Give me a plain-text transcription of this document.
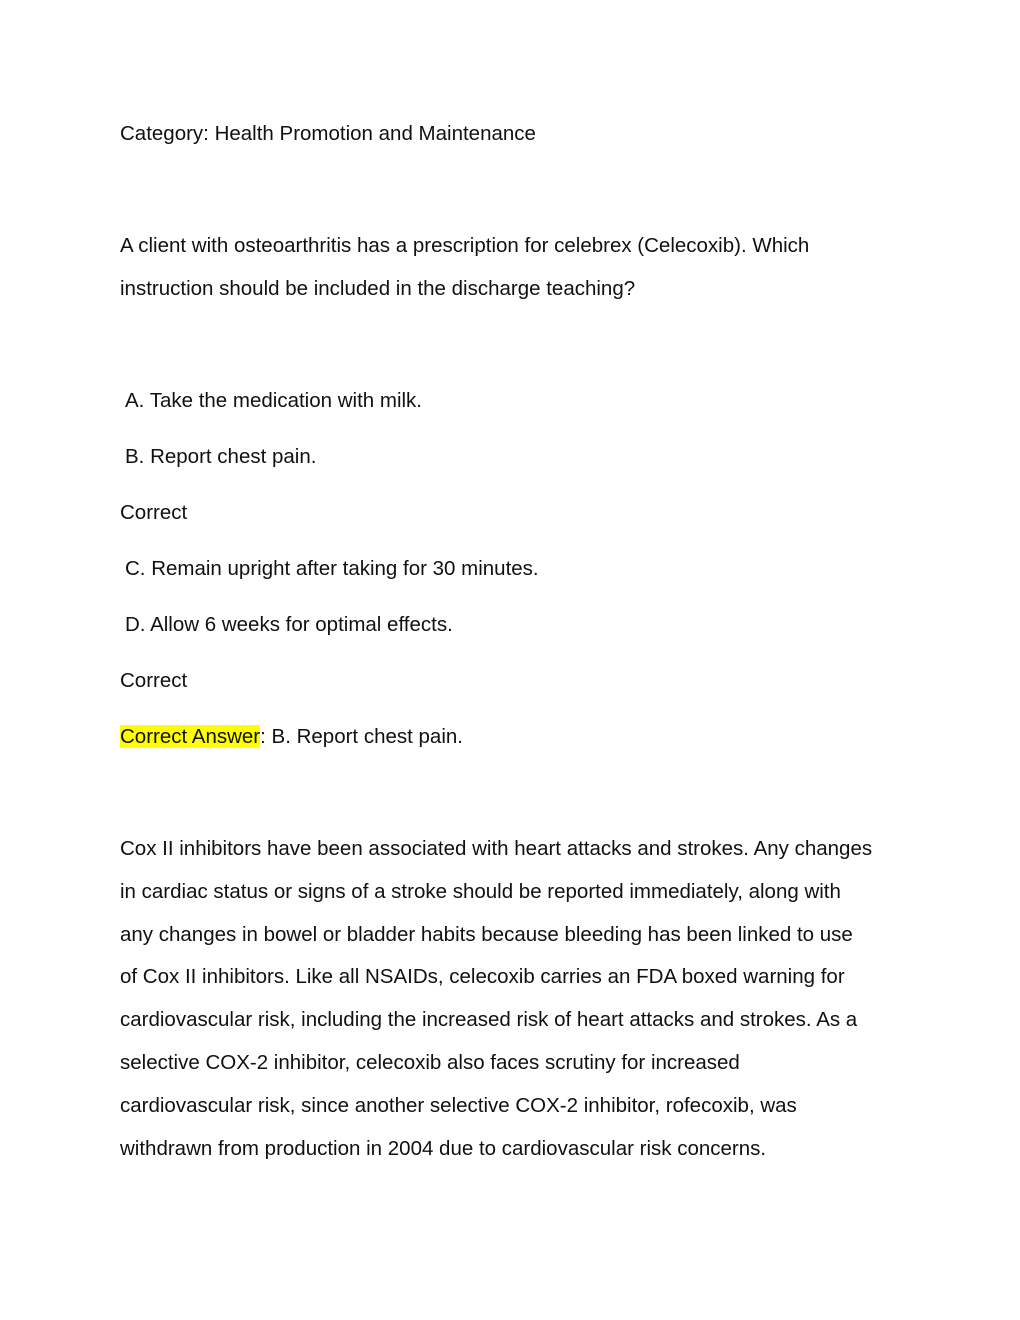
Category: Health Promotion and Maintenance
A client with osteoarthritis has a prescription for celebrex (Celecoxib). Which
instruction should be included in the discharge teaching?
A. Take the medication with milk.
B. Report chest pain.
Correct
C. Remain upright after taking for 30 minutes.
D. Allow 6 weeks for optimal effects.
Correct
Correct Answer: B. Report chest pain.
Cox II inhibitors have been associated with heart attacks and strokes. Any changes
in cardiac status or signs of a stroke should be reported immediately, along with
any changes in bowel or bladder habits because bleeding has been linked to use
of Cox II inhibitors. Like all NSAIDs, celecoxib carries an FDA boxed warning for
cardiovascular risk, including the increased risk of heart attacks and strokes. As a
selective COX-2 inhibitor, celecoxib also faces scrutiny for increased
cardiovascular risk, since another selective COX-2 inhibitor, rofecoxib, was
withdrawn from production in 2004 due to cardiovascular risk concerns.
